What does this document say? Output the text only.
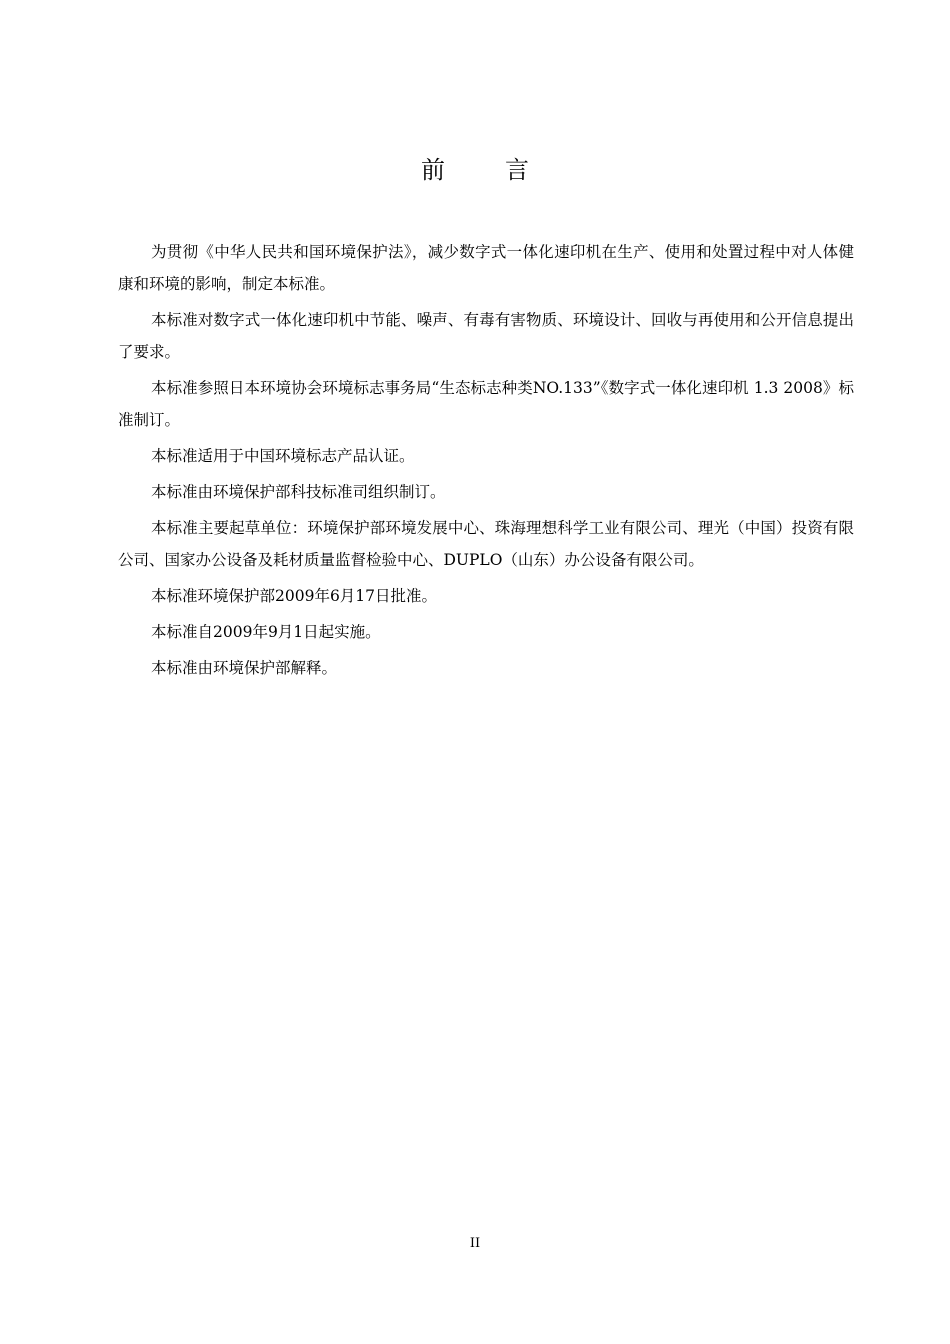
前	言

为贯彻《中华人民共和国环境保护法》，减少数字式一体化速印机在生产、使用和处置过程中对人体健康和环境的影响，制定本标准。

本标准对数字式一体化速印机中节能、噪声、有毒有害物质、环境设计、回收与再使用和公开信息提出了要求。

本标准参照日本环境协会环境标志事务局“生态标志种类NO.133”《数字式一体化速印机 1.3 2008》标准制订。

本标准适用于中国环境标志产品认证。

本标准由环境保护部科技标准司组织制订。

本标准主要起草单位：环境保护部环境发展中心、珠海理想科学工业有限公司、理光（中国）投资有限公司、国家办公设备及耗材质量监督检验中心、DUPLO（山东）办公设备有限公司。

本标准环境保护部2009年6月17日批准。

本标准自2009年9月1日起实施。

本标准由环境保护部解释。

II
